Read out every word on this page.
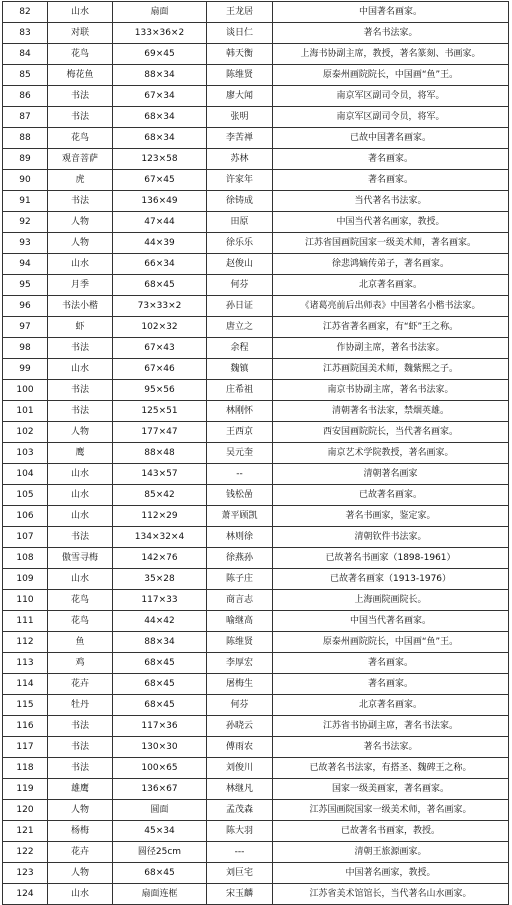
82	山水	扇面	王龙居	中国著名画家。
83	对联	133×36×2	谈日仁	著名书法家。
84	花鸟	69×45	韩天衡	上海书协副主席，教授，著名篆刻、书画家。
85	梅花鱼	88×34	陈维贤	原泰州画院院长，中国画“鱼”王。
86	书法	67×34	廖大闻	南京军区副司令员，将军。
87	书法	68×34	张明	南京军区副司令员，将军。
88	花鸟	68×34	李苦禅	已故中国著名画家。
89	观音菩萨	123×58	苏林	著名画家。
90	虎	67×45	许家年	著名画家。
91	书法	136×49	徐铸成	当代著名书法家。
92	人物	47×44	田原	中国当代著名画家，教授。
93	人物	44×39	徐乐乐	江苏省国画院国家一级美术师，著名画家。
94	山水	66×34	赵俊山	徐悲鸿嫡传弟子，著名画家。
95	月季	68×45	何芬	北京著名画家。
96	书法小楷	73×33×2	孙日证	《诸葛亮前后出师表》中国著名小楷书法家。
97	虾	102×32	唐立之	江苏省著名画家，有“虾”王之称。
98	书法	67×43	余程	作协副主席，著名书法家。
99	山水	67×46	魏镇	江苏画院国美术师，魏紫熙之子。
100	书法	95×56	庄希祖	南京书协副主席，著名书法家。
101	书法	125×51	林刚怀	清朝著名书法家，禁烟英雄。
102	人物	177×47	王西京	西安国画院院长，当代著名画家。
103	鹰	88×48	吴元奎	南京艺术学院教授，著名画家。
104	山水	143×57	--	清朝著名画家
105	山水	85×42	钱松喦	已故著名画家。
106	山水	112×29	萧平顾凯	著名书画家，鉴定家。
107	书法	134×32×4	林则徐	清朝钦件书法家。
108	傲雪寻梅	142×76	徐燕孙	已故著名书画家（1898-1961）
109	山水	35×28	陈子庄	已故著名画家（1913-1976）
110	花鸟	117×33	商言志	上海画院画院长。
111	花鸟	44×42	喻继高	中国当代著名画家。
112	鱼	88×34	陈维贤	原泰州画院院长，中国画“鱼”王。
113	鸡	68×45	李厚宏	著名画家。
114	花卉	68×45	屠梅生	著名画家。
115	牡丹	68×45	何芬	北京著名画家。
116	书法	117×36	孙晓云	江苏省书协副主席，著名书法家。
117	书法	130×30	傅雨农	著名书法家。
118	书法	100×65	刘俊川	已故著名书法家，有搭圣、魏碑王之称。
119	雄鹰	136×67	林继凡	国家一级美画家，著名画家。
120	人物	圆面	孟茂森	江苏国画院国家一级美术师，著名画家。
121	杨梅	45×34	陈大羽	已故著名书画家，教授。
122	花卉	圆径25cm	---	清朝王旅源画家。
123	人物	68×45	刘巨宅	中国著名画家，教授。
124	山水	扇面连框	宋玉麟	江苏省美术馆馆长，当代著名山水画家。
